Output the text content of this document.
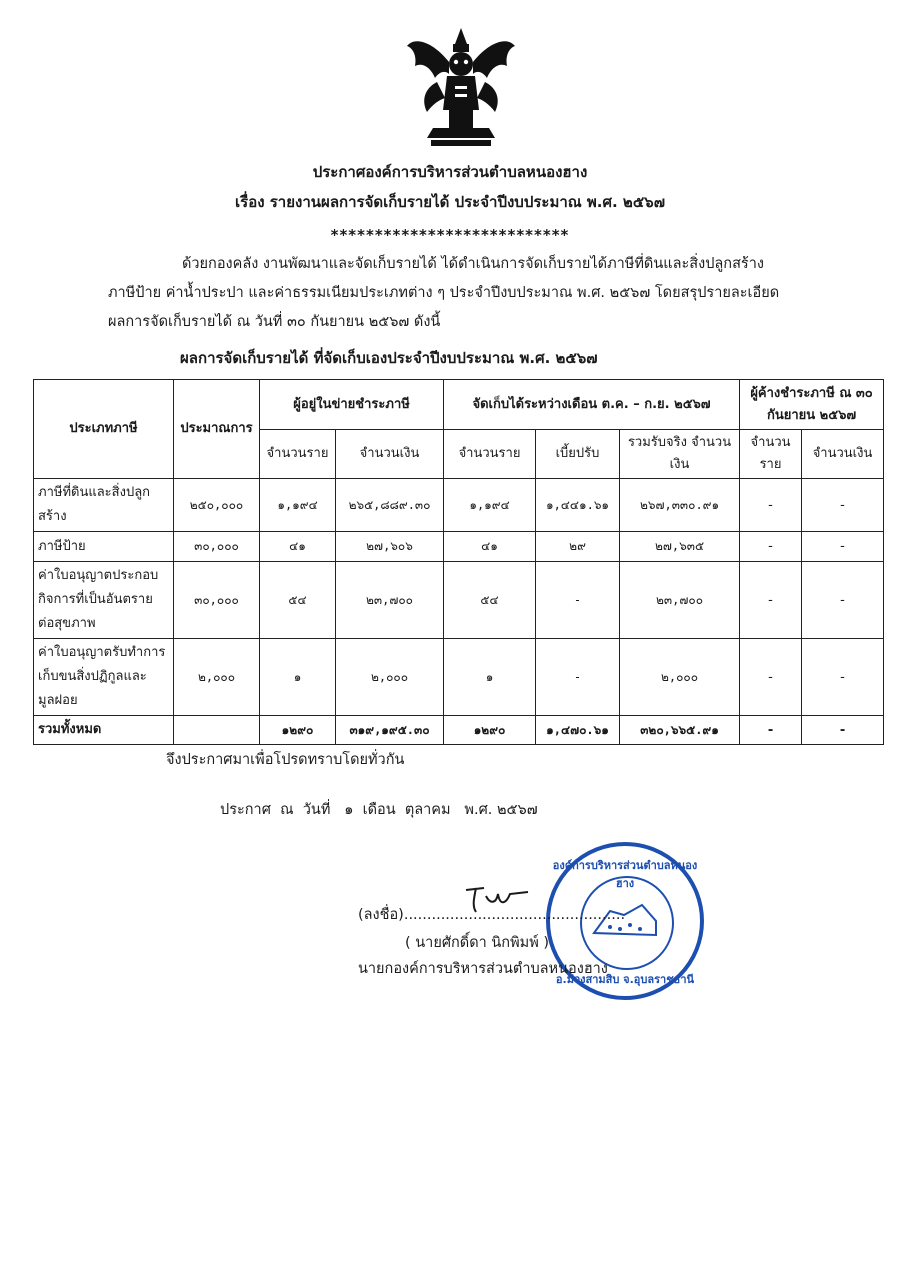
ประกาศองค์การบริหารส่วนตำบลหนองฮาง
เรื่อง รายงานผลการจัดเก็บรายได้ ประจำปีงบประมาณ พ.ศ. ๒๕๖๗
***************************
ด้วยกองคลัง งานพัฒนาและจัดเก็บรายได้ ได้ดำเนินการจัดเก็บรายได้ภาษีที่ดินและสิ่งปลูกสร้าง
ภาษีป้าย ค่าน้ำประปา และค่าธรรมเนียมประเภทต่าง ๆ ประจำปีงบประมาณ พ.ศ. ๒๕๖๗ โดยสรุปรายละเอียด
ผลการจัดเก็บรายได้ ณ วันที่ ๓๐ กันยายน ๒๕๖๗ ดังนี้
ผลการจัดเก็บรายได้ ที่จัดเก็บเองประจำปีงบประมาณ พ.ศ. ๒๕๖๗
ประเภทภาษี	ประมาณการ	ผู้อยู่ในข่ายชำระภาษี		จัดเก็บได้ระหว่างเดือน ต.ค. – ก.ย. ๒๕๖๗			ผู้ค้างชำระภาษี ณ ๓๐ กันยายน ๒๕๖๗	
		จำนวนราย	จำนวนเงิน	จำนวนราย	เบี้ยปรับ	รวมรับจริง จำนวนเงิน	จำนวนราย	จำนวนเงิน
ภาษีที่ดินและสิ่งปลูกสร้าง	๒๕๐,๐๐๐	๑,๑๙๔	๒๖๕,๘๘๙.๓๐	๑,๑๙๔	๑,๔๔๑.๖๑	๒๖๗,๓๓๐.๙๑	-	-
ภาษีป้าย	๓๐,๐๐๐	๔๑	๒๗,๖๐๖	๔๑	๒๙	๒๗,๖๓๕	-	-
ค่าใบอนุญาตประกอบกิจการที่เป็นอันตรายต่อสุขภาพ	๓๐,๐๐๐	๕๔	๒๓,๗๐๐	๕๔	-	๒๓,๗๐๐	-	-
ค่าใบอนุญาตรับทำการเก็บขนสิ่งปฏิกูลและมูลฝอย	๒,๐๐๐	๑	๒,๐๐๐	๑	-	๒,๐๐๐	-	-
รวมทั้งหมด		๑๒๙๐	๓๑๙,๑๙๕.๓๐	๑๒๙๐	๑,๔๗๐.๖๑	๓๒๐,๖๖๕.๙๑	-	-
จึงประกาศมาเพื่อโปรดทราบโดยทั่วกัน
ประกาศ  ณ  วันที่   ๑  เดือน  ตุลาคม   พ.ศ. ๒๕๖๗
องค์การบริหารส่วนตำบลหนองฮาง
อ.ม่วงสามสิบ จ.อุบลราชธานี
(ลงชื่อ)................................................
( นายศักดิ์ดา นิกพิมพ์ )
นายกองค์การบริหารส่วนตำบลหนองฮาง
